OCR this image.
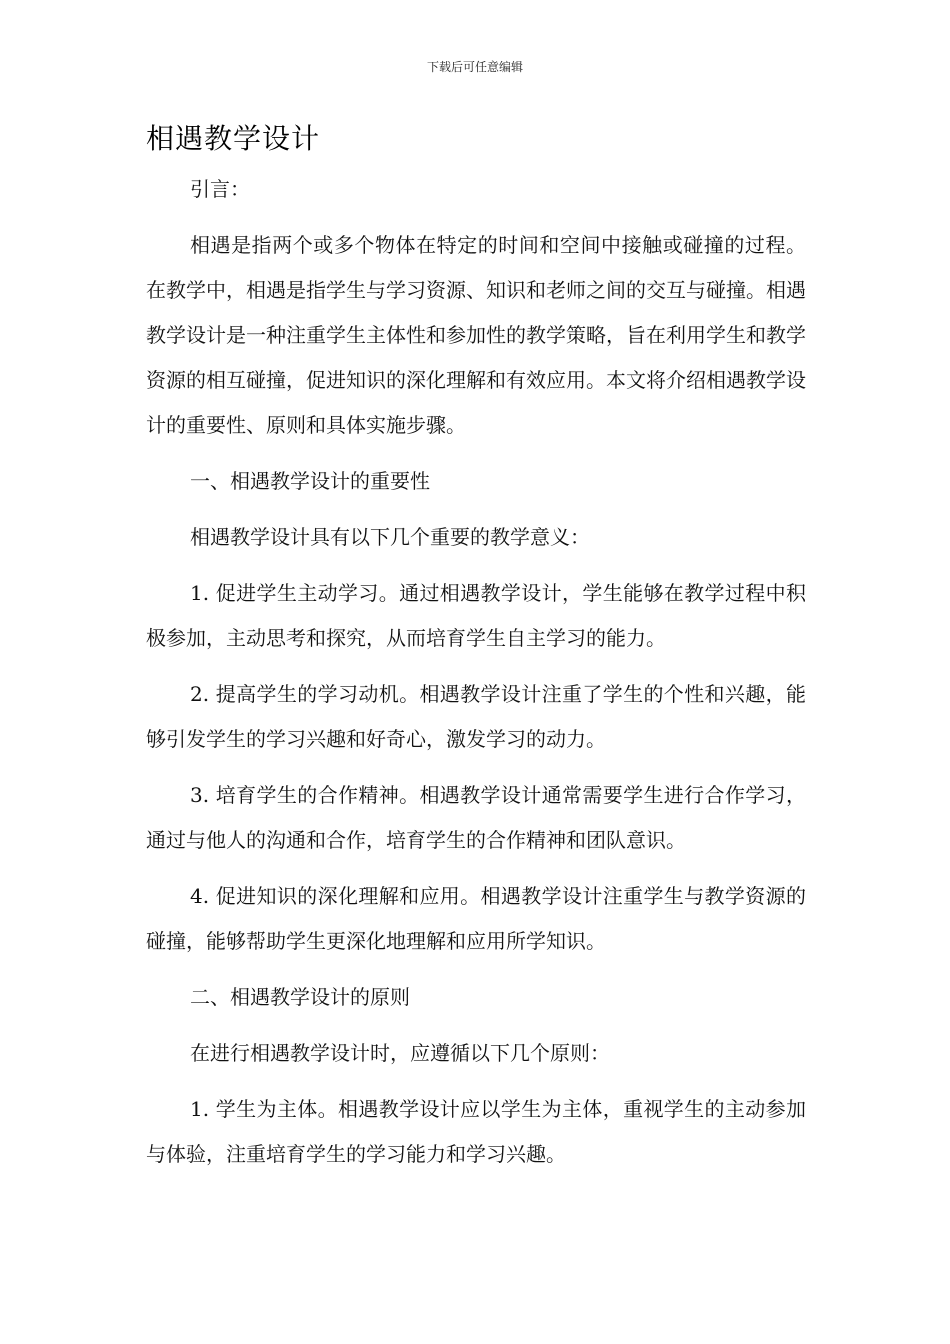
下载后可任意编辑
相遇教学设计

引言：

相遇是指两个或多个物体在特定的时间和空间中接触或碰撞的过程。在教学中，相遇是指学生与学习资源、知识和老师之间的交互与碰撞。相遇教学设计是一种注重学生主体性和参加性的教学策略，旨在利用学生和教学资源的相互碰撞，促进知识的深化理解和有效应用。本文将介绍相遇教学设计的重要性、原则和具体实施步骤。

一、相遇教学设计的重要性

相遇教学设计具有以下几个重要的教学意义：

1. 促进学生主动学习。通过相遇教学设计，学生能够在教学过程中积极参加，主动思考和探究，从而培育学生自主学习的能力。

2. 提高学生的学习动机。相遇教学设计注重了学生的个性和兴趣，能够引发学生的学习兴趣和好奇心，激发学习的动力。

3. 培育学生的合作精神。相遇教学设计通常需要学生进行合作学习，通过与他人的沟通和合作，培育学生的合作精神和团队意识。

4. 促进知识的深化理解和应用。相遇教学设计注重学生与教学资源的碰撞，能够帮助学生更深化地理解和应用所学知识。

二、相遇教学设计的原则

在进行相遇教学设计时，应遵循以下几个原则：

1. 学生为主体。相遇教学设计应以学生为主体，重视学生的主动参加与体验，注重培育学生的学习能力和学习兴趣。
